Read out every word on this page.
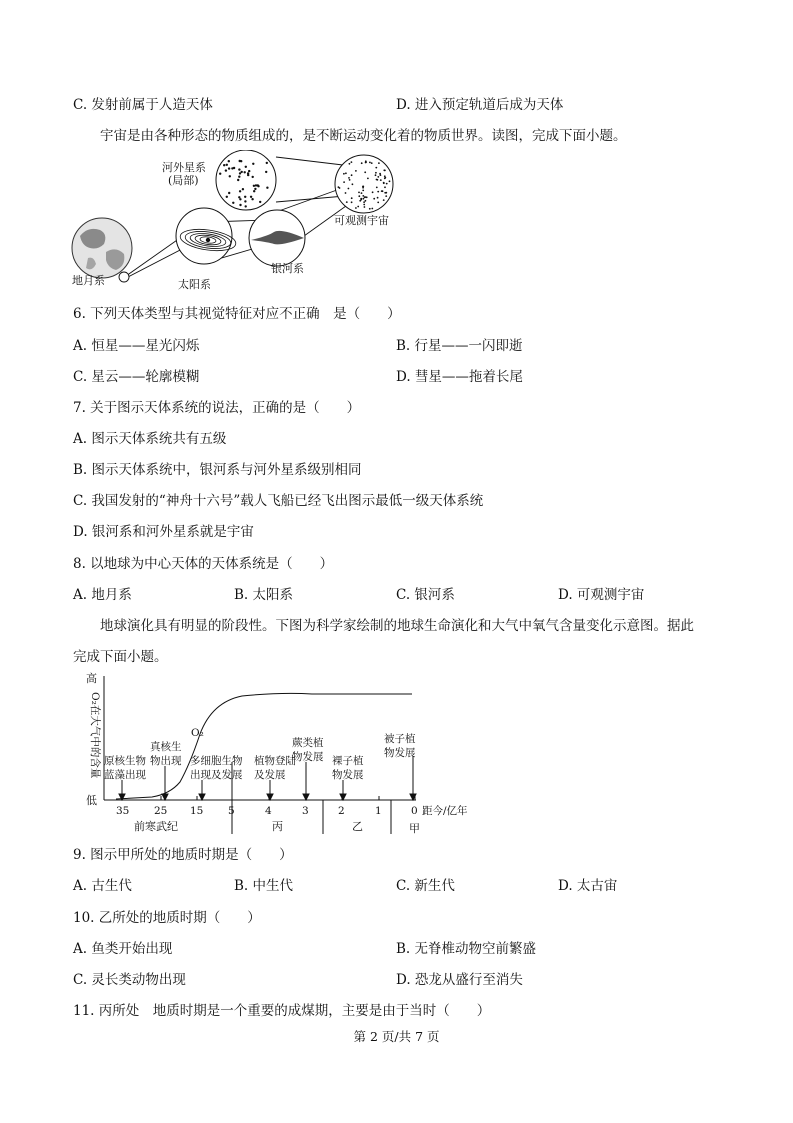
C. 发射前属于人造天体	D. 进入预定轨道后成为天体
宇宙是由各种形态的物质组成的，是不断运动变化着的物质世界。读图，完成下面小题。
河外星系
(局部)
可观测宇宙
银河系
太阳系
地月系
6. 下列天体类型与其视觉特征对应不正确　是（　　）
A. 恒星——星光闪烁	B. 行星——一闪即逝
C. 星云——轮廓模糊	D. 彗星——拖着长尾
7. 关于图示天体系统的说法，正确的是（　　）
A. 图示天体系统共有五级
B. 图示天体系统中，银河系与河外星系级别相同
C. 我国发射的“神舟十六号”载人飞船已经飞出图示最低一级天体系统
D. 银河系和河外星系就是宇宙
8. 以地球为中心天体的天体系统是（　　）
A. 地月系	B. 太阳系	C. 银河系	D. 可观测宇宙
地球演化具有明显的阶段性。下图为科学家绘制的地球生命演化和大气中氧气含量变化示意图。据此
完成下面小题。
高
低
O₂在大气中的含量	O₂
35 25 15 5	4	3	2	1	0 距今/亿年
前寒武纪	丙	乙	甲
原核生物
蓝藻出现
真核生
物出现 多细胞生物
出现及发展
植物登陆
及发展
蕨类植
物发展 裸子植
物发展
被子植
物发展
9. 图示甲所处的地质时期是（　　）
A. 古生代	B. 中生代	C. 新生代	D. 太古宙
10. 乙所处的地质时期（　　）
A. 鱼类开始出现	B. 无脊椎动物空前繁盛
C. 灵长类动物出现	D. 恐龙从盛行至消失
11. 丙所处　地质时期是一个重要的成煤期，主要是由于当时（　　）
第 2 页/共 7 页
